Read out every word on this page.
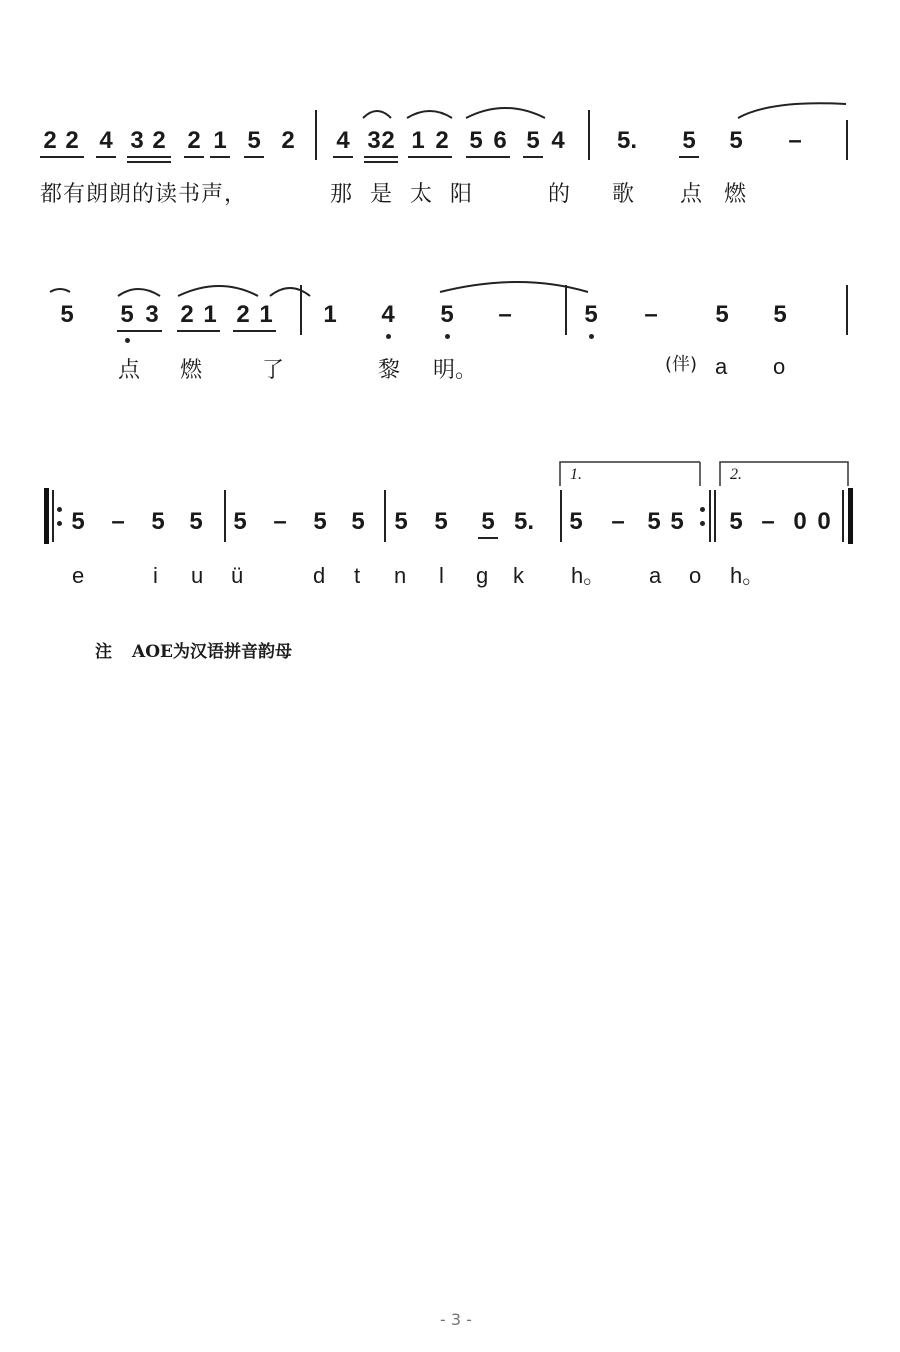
2 2 4 3 2 2 1 5 2 4 3 2 1 2 5 6 5 4 5. 5 5 –
都有朗朗的读书声，	那是太阳	的 歌 点燃
5 5 3 2 1 2 1 1 4 5 –	5 – 5 5
点 燃	了	黎 明。	(伴) a o
5 – 5 5 5 – 5 5 5 5 5 5. 5 – 5 5 5 – 0 0
1.	2.
e	i u ü	d t n l g k h。 a o h。
注 AOE为汉语拼音韵母
- 3 -
